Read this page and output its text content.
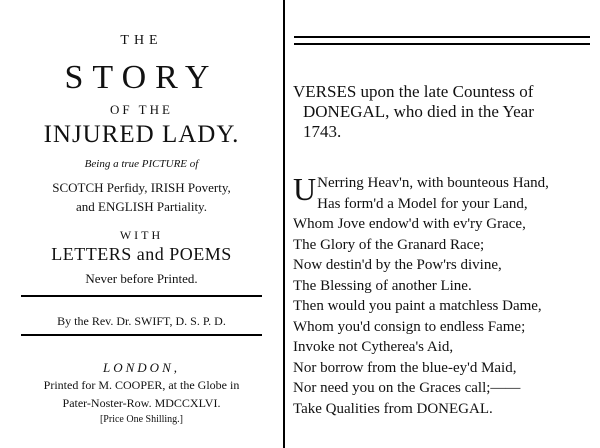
THE
STORY
OF THE
INJURED LADY.
Being a true PICTURE of
SCOTCH Perfidy, IRISH Poverty,
and ENGLISH Partiality.
WITH
LETTERS and POEMS
Never before Printed.
By the Rev. Dr. SWIFT, D. S. P. D.
LONDON,
Printed for M. COOPER, at the Globe in
Pater-Noster-Row. MDCCXLVI.
[Price One Shilling.]
VERSES upon the late Countess of
DONEGAL, who died in the Year
1743.
U Nerring Heav'n, with bounteous Hand,
Has form'd a Model for your Land,
Whom Jove endow'd with ev'ry Grace,
The Glory of the Granard Race;
Now destin'd by the Pow'rs divine,
The Blessing of another Line.
Then would you paint a matchless Dame,
Whom you'd consign to endless Fame;
Invoke not Cytherea's Aid,
Nor borrow from the blue-ey'd Maid,
Nor need you on the Graces call;——
Take Qualities from DONEGAL.
